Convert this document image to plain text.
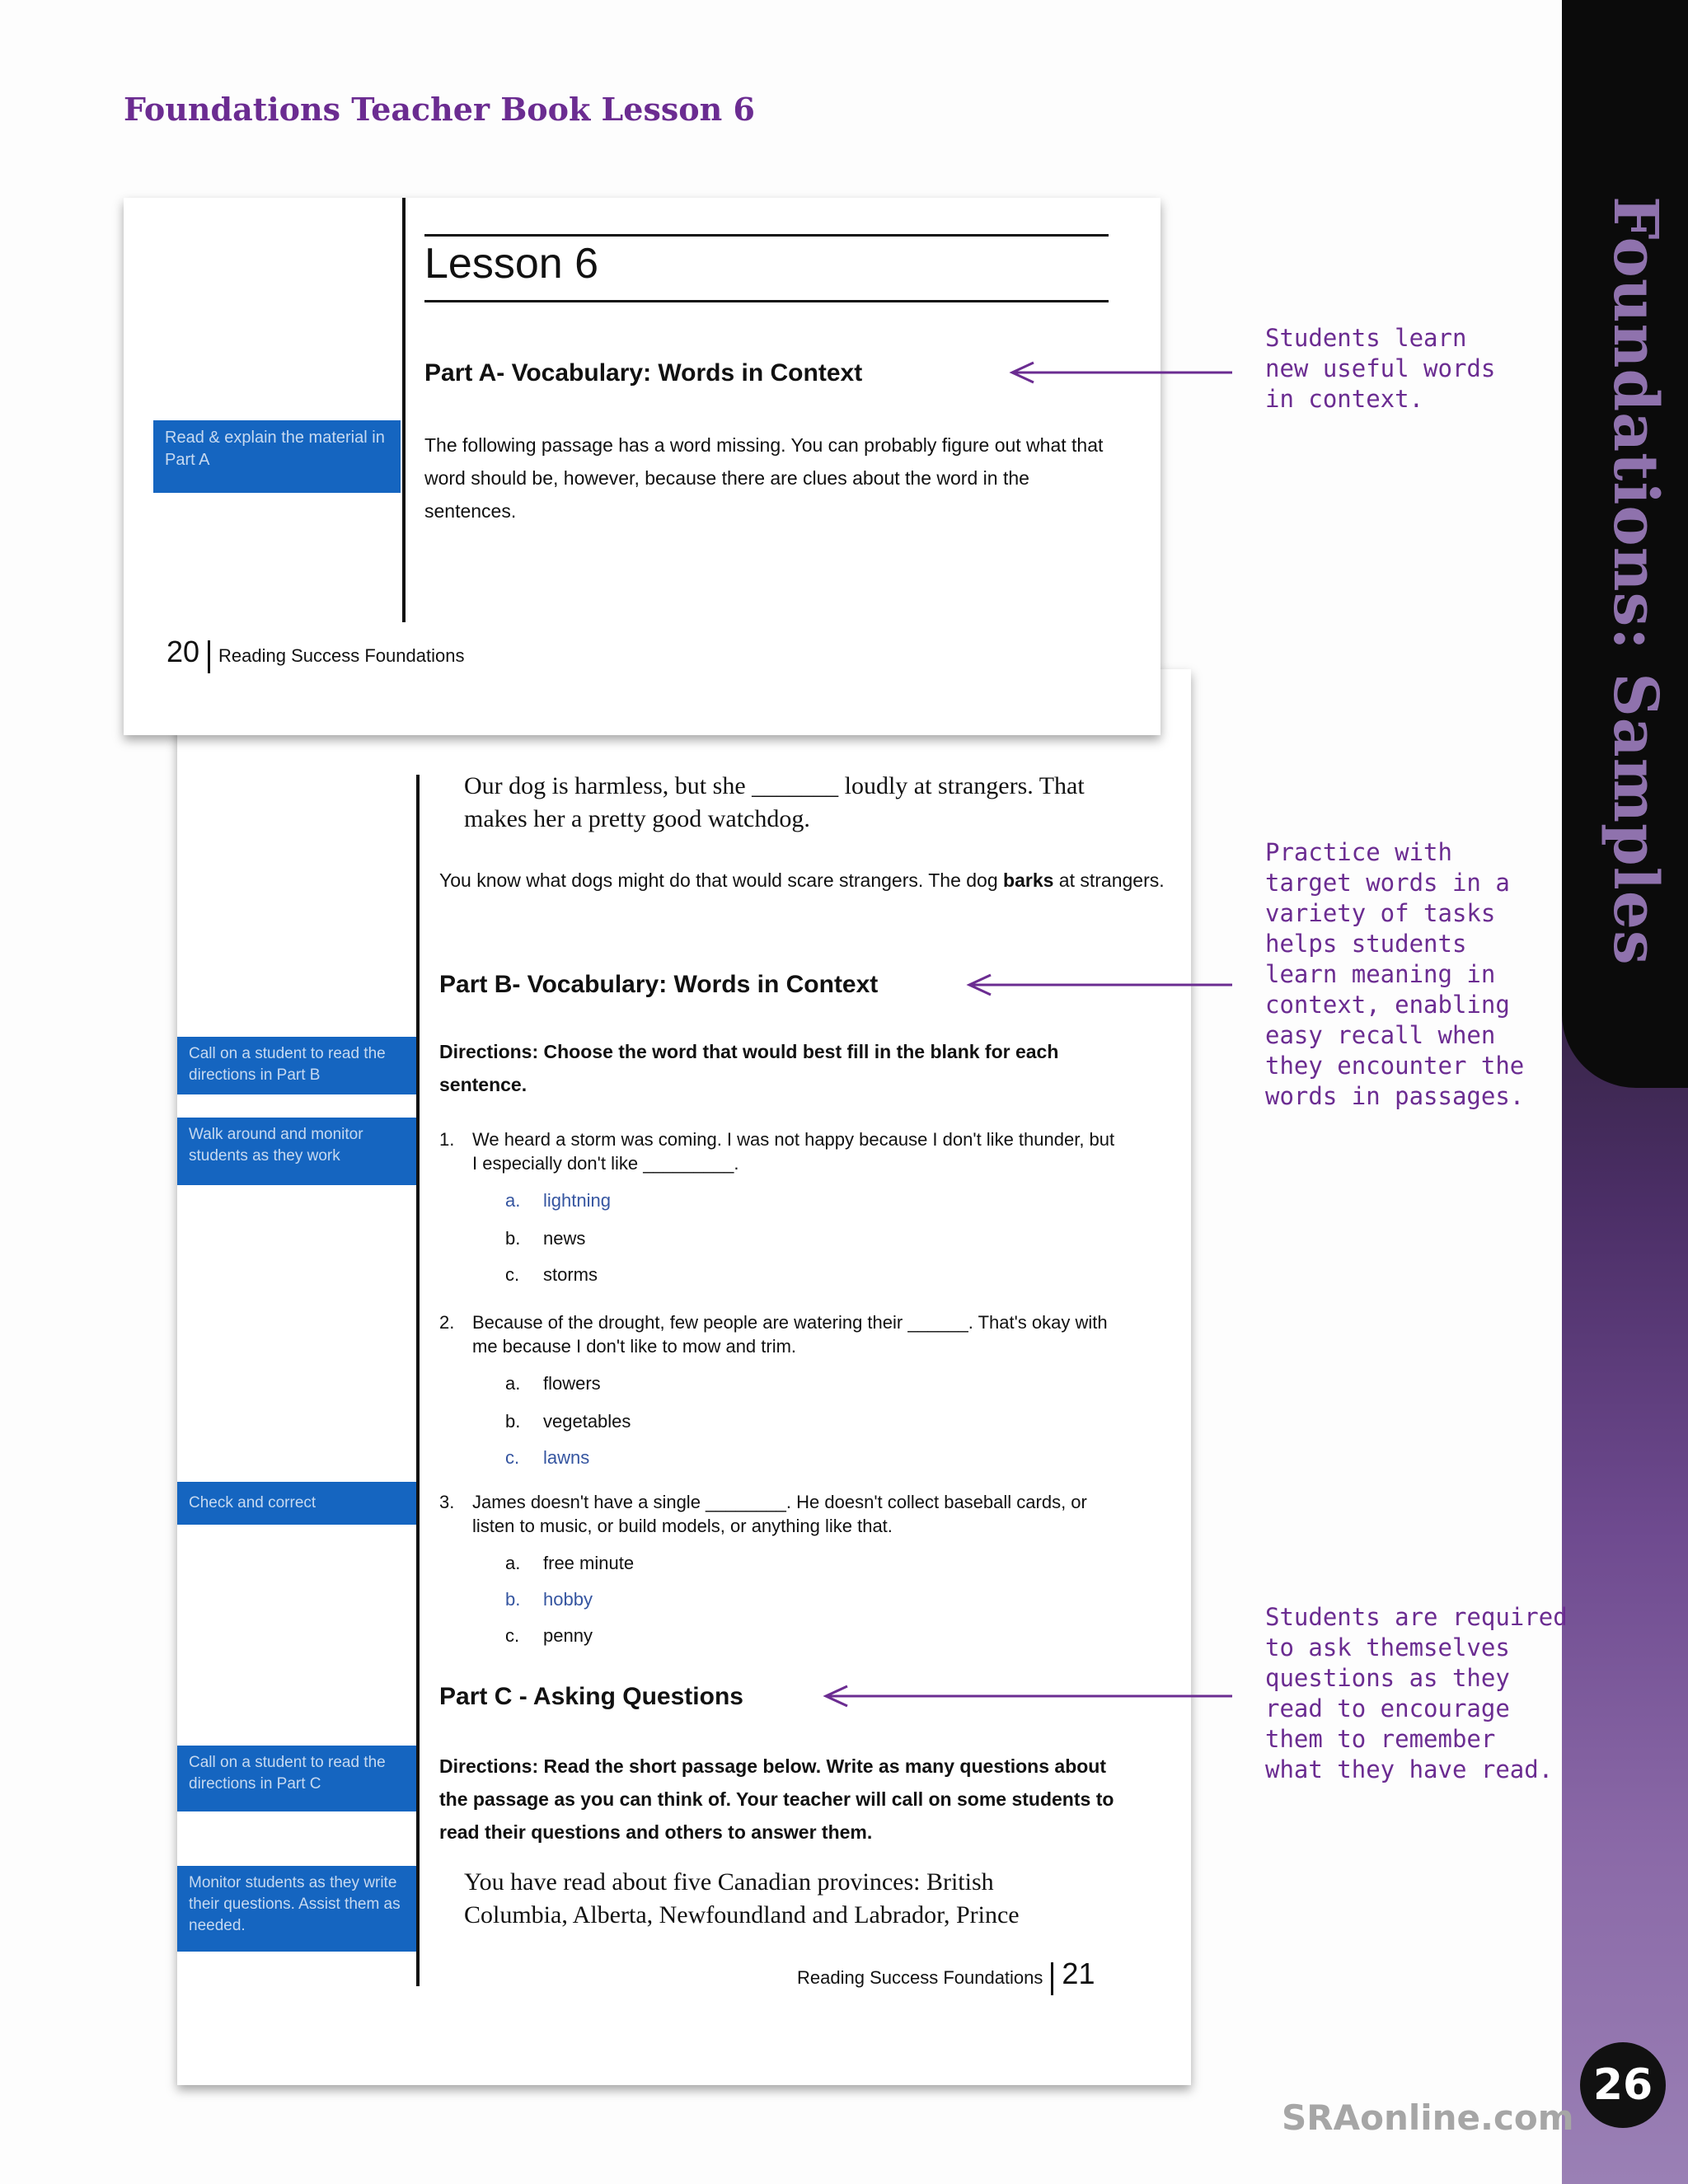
Foundations Teacher Book Lesson 6
Foundations: Samples
26
SRAonline.com
Lesson 6
Part A- Vocabulary: Words in Context
Read & explain the material in Part A
The following passage has a word missing. You can probably figure out what that word should be, however, because there are clues about the word in the sentences.
20 Reading Success Foundations
Our dog is harmless, but she _______ loudly at strangers. That makes her a pretty good watchdog.
You know what dogs might do that would scare strangers. The dog barks at strangers.
Part B- Vocabulary: Words in Context
Call on a student to read the directions in Part B
Directions: Choose the word that would best fill in the blank for each sentence.
Walk around and monitor students as they work
1. We heard a storm was coming. I was not happy because I don't like thunder, but I especially don't like _________.
a. lightning
b. news
c. storms
2. Because of the drought, few people are watering their ______. That's okay with me because I don't like to mow and trim.
a. flowers
b. vegetables
c. lawns
Check and correct	3. James doesn't have a single ________. He doesn't collect baseball cards, or listen to music, or build models, or anything like that.
a. free minute
b. hobby
c. penny
Part C - Asking Questions
Call on a student to read the directions in Part C
Directions: Read the short passage below. Write as many questions about the passage as you can think of. Your teacher will call on some students to read their questions and others to answer them.
Monitor students as they write their questions. Assist them as needed.
You have read about five Canadian provinces: British Columbia, Alberta, Newfoundland and Labrador, Prince
Reading Success Foundations 21
Students learn
new useful words
in context.
Practice with
target words in a
variety of tasks
helps students
learn meaning in
context, enabling
easy recall when
they encounter the
words in passages.
Students are required
to ask themselves
questions as they
read to encourage
them to remember
what they have read.
